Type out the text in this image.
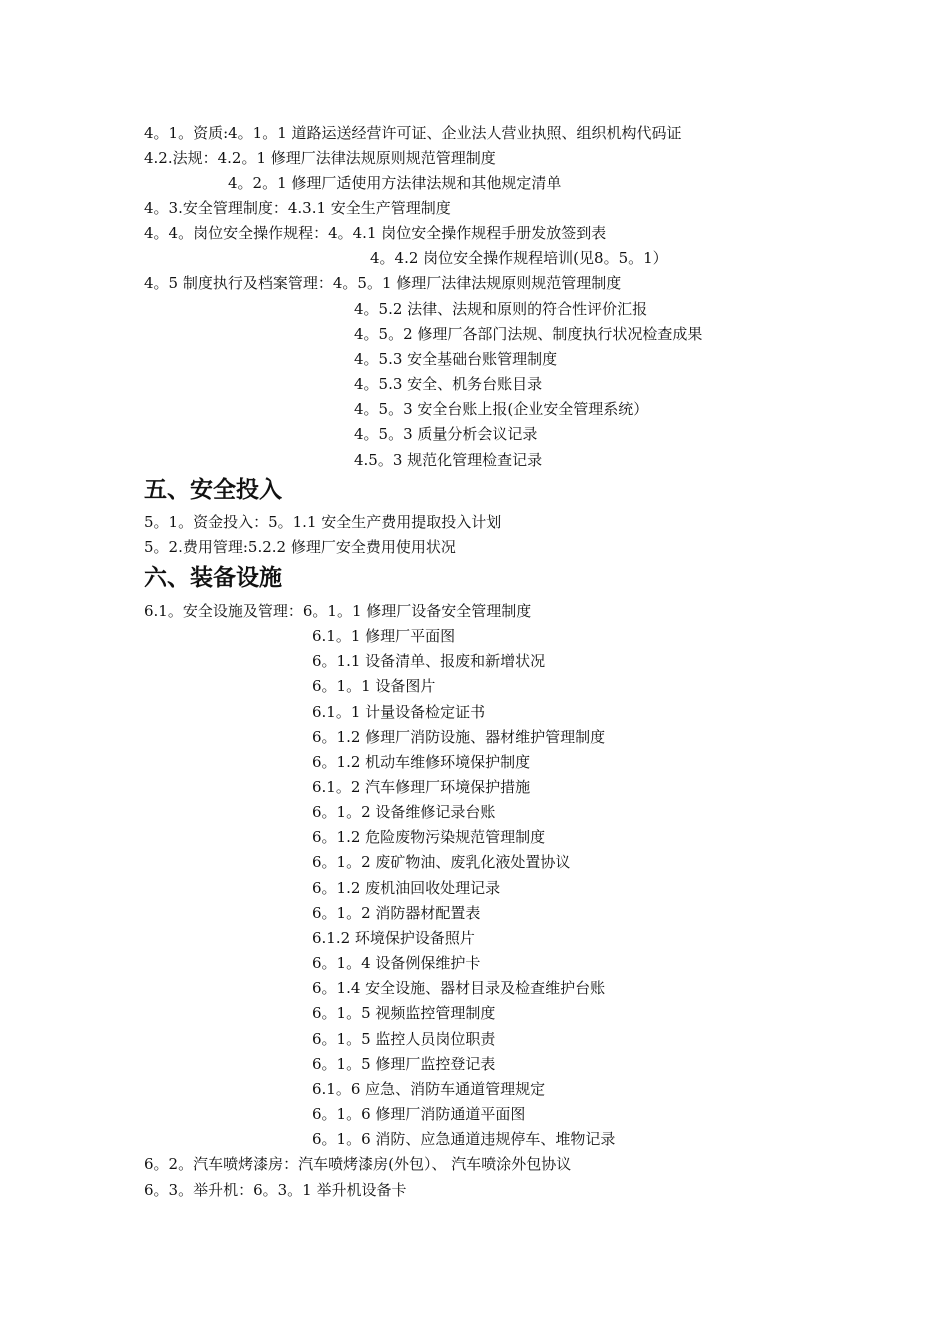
4。1。资质:4。1。1 道路运送经营许可证、企业法人营业执照、组织机构代码证
4.2.法规：4.2。1 修理厂法律法规原则规范管理制度
4。2。1 修理厂适使用方法律法规和其他规定清单
4。3.安全管理制度：4.3.1 安全生产管理制度
4。4。岗位安全操作规程：4。4.1 岗位安全操作规程手册发放签到表
4。4.2 岗位安全操作规程培训(见8。5。1）
4。5 制度执行及档案管理：4。5。1 修理厂法律法规原则规范管理制度
4。5.2 法律、法规和原则的符合性评价汇报
4。5。2 修理厂各部门法规、制度执行状况检查成果
4。5.3 安全基础台账管理制度
4。5.3 安全、机务台账目录
4。5。3 安全台账上报(企业安全管理系统）
4。5。3 质量分析会议记录
4.5。3 规范化管理检查记录
五、安全投入
5。1。资金投入：5。1.1 安全生产费用提取投入计划
5。2.费用管理:5.2.2 修理厂安全费用使用状况
六、装备设施
6.1。安全设施及管理：6。1。1 修理厂设备安全管理制度
6.1。1 修理厂平面图
6。1.1 设备清单、报废和新增状况
6。1。1 设备图片
6.1。1 计量设备检定证书
6。1.2 修理厂消防设施、器材维护管理制度
6。1.2 机动车维修环境保护制度
6.1。2 汽车修理厂环境保护措施
6。1。2 设备维修记录台账
6。1.2 危险废物污染规范管理制度
6。1。2 废矿物油、废乳化液处置协议
6。1.2 废机油回收处理记录
6。1。2 消防器材配置表
6.1.2 环境保护设备照片
6。1。4 设备例保维护卡
6。1.4 安全设施、器材目录及检查维护台账
6。1。5 视频监控管理制度
6。1。5 监控人员岗位职责
6。1。5 修理厂监控登记表
6.1。6 应急、消防车通道管理规定
6。1。6 修理厂消防通道平面图
6。1。6 消防、应急通道违规停车、堆物记录
6。2。汽车喷烤漆房：汽车喷烤漆房(外包）、 汽车喷涂外包协议
6。3。举升机：6。3。1 举升机设备卡
